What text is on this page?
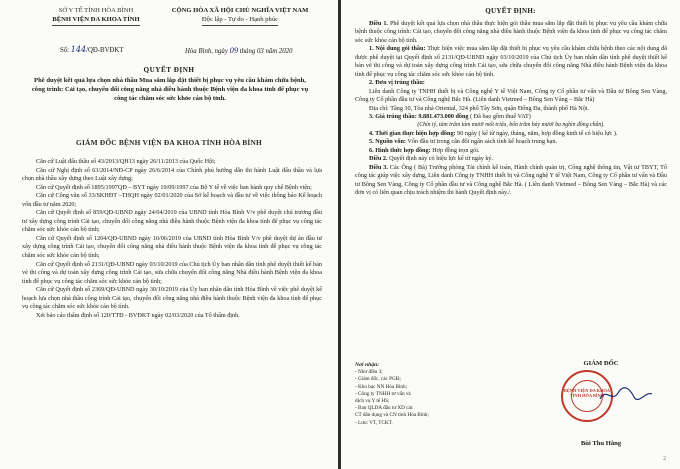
SỞ Y TẾ TỈNH HÒA BÌNH
BỆNH VIỆN ĐA KHOA TỈNH
CỘNG HÒA XÃ HỘI CHỦ NGHĨA VIỆT NAM
Độc lập - Tự do - Hạnh phúc
Số: 144/QĐ-BVĐKT	Hòa Bình, ngày 09 tháng 03 năm 2020
QUYẾT ĐỊNH
Phê duyệt kết quả lựa chọn nhà thầu Mua sắm lắp đặt thiết bị phục vụ yêu cầu khám chữa bệnh, công trình: Cải tạo, chuyển đổi công năng nhà điều hành thuộc Bệnh viện đa khoa tỉnh để phục vụ công tác chăm sóc sức khỏe cán bộ tỉnh.
GIÁM ĐỐC BỆNH VIỆN ĐA KHOA TỈNH HÒA BÌNH

Căn cứ Luật đấu thầu số 43/2013/QH13 ngày 26/11/2013 của Quốc Hội;

Căn cứ Nghị định số 63/2014/NĐ-CP ngày 26/6/2014 của Chính phủ hướng dẫn thi hành Luật đấu thầu và lựa chọn nhà thầu xây dựng theo Luật xây dựng;

Căn cứ Quyết định số 1895/1997QĐ – BYT ngày 19/09/1997 của Bộ Y tế về việc ban hành quy chế Bệnh viện;

Căn cứ Công văn số 33/SKHĐT –THQH ngày 02/01/2020 của Sở kế hoạch và đầu tư về việc thông báo Kế hoạch vốn đầu tư năm 2020;

Căn cứ Quyết định số 859/QĐ-UBND ngày 24/04/2019 của UBND tỉnh Hòa Bình V/v phê duyệt chủ trương đầu tư xây dựng công trình Cải tạo, chuyển đổi công năng nhà điều hành thuộc Bệnh viện đa khoa tỉnh để phục vụ công tác chăm sóc sức khỏe cán bộ tỉnh;

Căn cứ Quyết định số 1204/QĐ-UBND ngày 10/06/2019 của UBND tỉnh Hòa Bình V/v phê duyệt dự án đầu tư xây dựng công trình Cải tạo, chuyển đổi công năng nhà điều hành thuộc Bệnh viện đa khoa tỉnh để phục vụ công tác chăm sóc sức khỏe cán bộ tỉnh;

Căn cứ Quyết định số 2131/QĐ-UBND ngày 03/10/2019 của Chủ tịch Ủy ban nhân dân tỉnh phê duyệt thiết kế bản vẽ thi công và dự toán xây dựng công trình Cải tạo, sửa chữa chuyển đổi công năng Nhà điều hành Bệnh viện đa khoa tỉnh để phục vụ công tác chăm sóc sức khỏe cán bộ tỉnh;

Căn cứ Quyết định số 2369/QĐ-UBND ngày 30/10/2019 của Ủy ban nhân dân tỉnh Hòa Bình về việc phê duyệt kế hoạch lựa chọn nhà thầu công trình Cải tạo, chuyển đổi công năng nhà điều hành thuộc Bệnh viện đa khoa tỉnh để phục vụ công tác chăm sóc sức khỏe cán bộ tỉnh.

Xét báo cáo thẩm định số 120/TTĐ - BVĐKT ngày 02/03/2020 của Tổ thẩm định.

QUYẾT ĐỊNH:

Điều 1. Phê duyệt kết quả lựa chọn nhà thầu thực hiện gói thầu mua sắm lắp đặt thiết bị phục vụ yêu cầu khám chữa bệnh thuộc công trình: Cải tạo, chuyển đổi công năng nhà điều hành thuộc Bệnh viện đa khoa tỉnh để phục vụ công tác chăm sóc sức khỏe cán bộ tỉnh.

1. Nội dung gói thầu: Thực hiện việc mua sắm lắp đặt thiết bị phục vụ yêu cầu khám chữa bệnh theo các nội dung đã được phê duyệt tại Quyết định số 2131/QĐ-UBND ngày 03/10/2019 của Chủ tịch Ủy ban nhân dân tỉnh phê duyệt thiết kế bản vẽ thi công và dự toán xây dựng công trình Cải tạo, sửa chữa chuyển đổi công năng Nhà điều hành Bệnh viện đa khoa tỉnh để phục vụ công tác chăm sóc sức khỏe cán bộ tỉnh.

2. Đơn vị trúng thầu:

Liên danh Công ty TNHH thiết bị và Công nghệ Y tế Việt Nam, Công ty Cổ phần tư vấn và Đầu tư Bông Sen Vàng, Công ty Cổ phần đầu tư và Công nghệ Bắc Hà. (Liên danh Vietmed – Bông Sen Vàng – Bắc Hà)

Địa chỉ: Tầng 10, Tòa nhà Oriental, 324 phố Tây Sơn, quận Đống Đa, thành phố Hà Nội.

3. Giá trúng thầu: 9.881.473.000 đồng ( Đã bao gồm thuế VAT)

(Chín tỷ, tám trăm tám mươi mốt triệu, bốn trăm bảy mươi ba nghìn đồng chẵn).

4. Thời gian thực hiện hợp đồng: 90 ngày ( kể từ ngày, tháng, năm, hợp đồng kinh tế có hiệu lực ).

5. Nguồn vốn: Vốn đầu tư trong cân đối ngân sách tỉnh kế hoạch trung hạn.

6. Hình thức hợp đồng: Hợp đồng trọn gói.

Điều 2. Quyết định này có hiệu lực kể từ ngày ký.

Điều 3. Các Ông ( Bà) Trưởng phòng Tài chính kế toán, Hành chính quản trị, Công nghệ thông tin, Vật tư TBYT, Tổ công tác giúp việc xây dựng, Liên danh Công ty TNHH thiết bị và Công nghệ Y tế Việt Nam, Công ty Cổ phần tư vấn và Đầu tư Bông Sen Vàng, Công ty Cổ phần đầu tư và Công nghệ Bắc Hà. ( Liên danh Vietmed – Bông Sen Vàng – Bắc Hà) và các đơn vị có liên quan chịu trách nhiệm thi hành Quyết định này./.

Nơi nhận:
- Như điều 3;
- Giám đốc, các PGĐ;
- Kho bạc NN Hòa Bình;
- Công ty TNHH tư vấn và
dịch vụ Y tế HS;
- Ban QLDA đầu tư XD các
CT dân dụng và CN tỉnh Hòa Bình;
- Lưu: VT, TCKT.
GIÁM ĐỐC
BỆNH VIỆN ĐA KHOA TỈNH HÒA BÌNH
Bùi Thu Hằng
2
